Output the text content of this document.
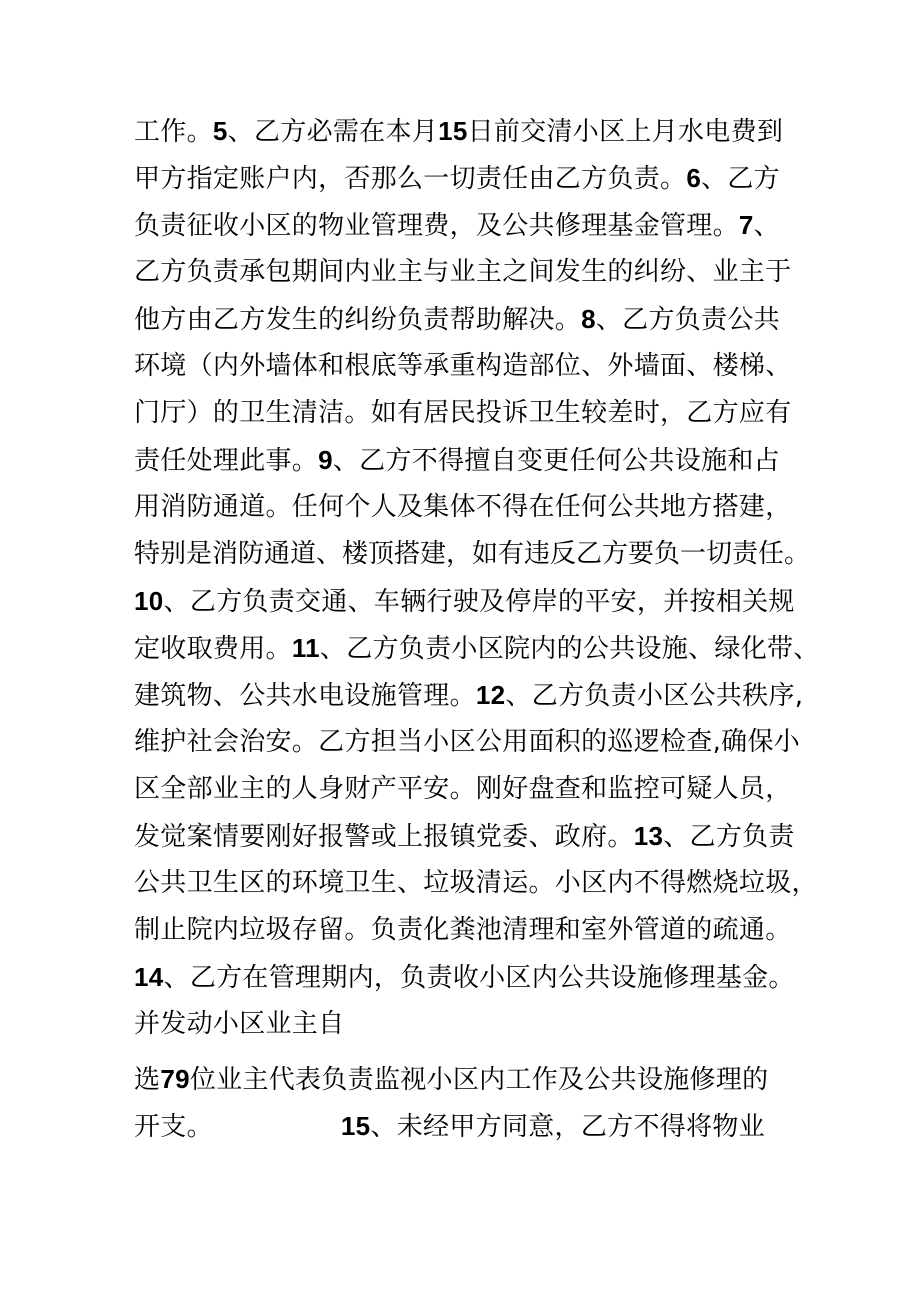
工作。5、乙方必需在本月15日前交清小区上月水电费到
甲方指定账户内，否那么一切责任由乙方负责。6、乙方
负责征收小区的物业管理费，及公共修理基金管理。7、
乙方负责承包期间内业主与业主之间发生的纠纷、业主于
他方由乙方发生的纠纷负责帮助解决。8、乙方负责公共
环境（内外墙体和根底等承重构造部位、外墙面、楼梯、
门厅）的卫生清洁。如有居民投诉卫生较差时，乙方应有
责任处理此事。9、乙方不得擅自变更任何公共设施和占
用消防通道。任何个人及集体不得在任何公共地方搭建，
特别是消防通道、楼顶搭建，如有违反乙方要负一切责任。
10、乙方负责交通、车辆行驶及停岸的平安，并按相关规
定收取费用。11、乙方负责小区院内的公共设施、绿化带、
建筑物、公共水电设施管理。12、乙方负责小区公共秩序,
维护社会治安。乙方担当小区公用面积的巡逻检查,确保小
区全部业主的人身财产平安。刚好盘查和监控可疑人员，
发觉案情要刚好报警或上报镇党委、政府。13、乙方负责
公共卫生区的环境卫生、垃圾清运。小区内不得燃烧垃圾，
制止院内垃圾存留。负责化粪池清理和室外管道的疏通。
14、乙方在管理期内，负责收小区内公共设施修理基金。
并发动小区业主自
选79位业主代表负责监视小区内工作及公共设施修理的
开支。	15、未经甲方同意，乙方不得将物业
